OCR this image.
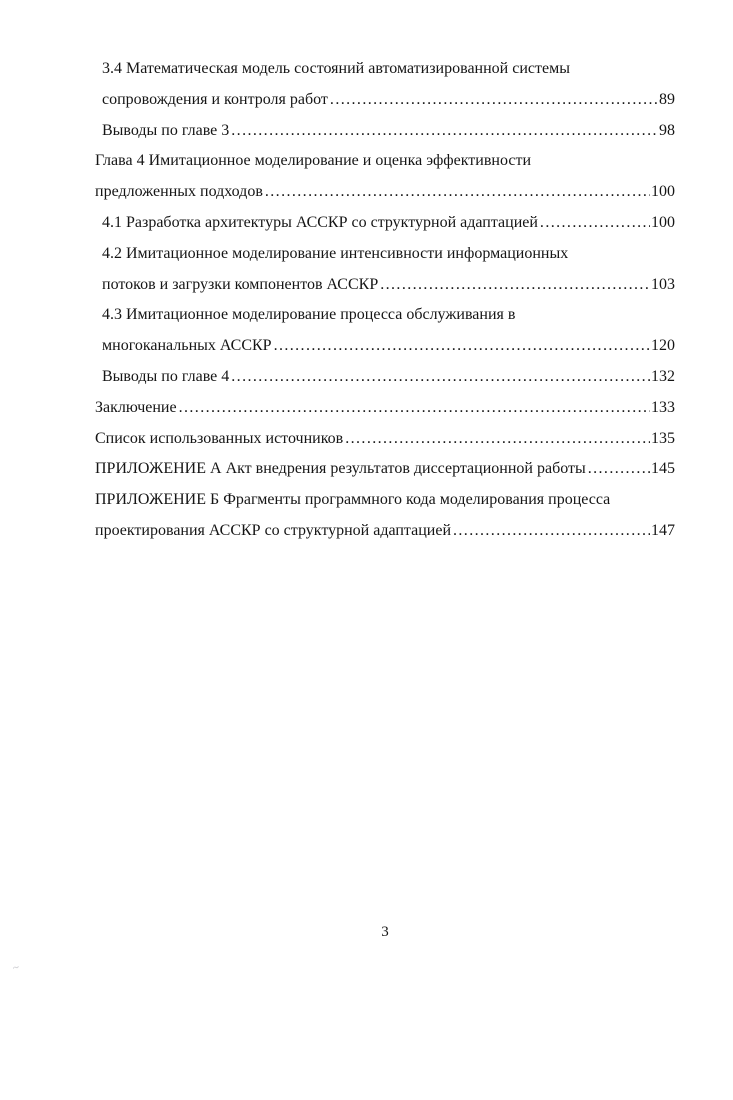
3.4 Математическая модель состояний автоматизированной системы
сопровождения и контроля работ .....	89
Выводы по главе 3 .....	98
Глава 4 Имитационное моделирование и оценка эффективности
предложенных подходов .....	100
4.1 Разработка архитектуры АССКР со структурной адаптацией .....	100
4.2 Имитационное моделирование интенсивности информационных
потоков и загрузки компонентов АССКР .....	103
4.3 Имитационное моделирование процесса обслуживания в
многоканальных АССКР .....	120
Выводы по главе 4 .....	132
Заключение .....	133
Список использованных источников .....	135
ПРИЛОЖЕНИЕ А Акт внедрения результатов диссертационной работы .....	145
ПРИЛОЖЕНИЕ Б Фрагменты программного кода моделирования процесса
проектирования АССКР со структурной адаптацией .....	147
3
~
